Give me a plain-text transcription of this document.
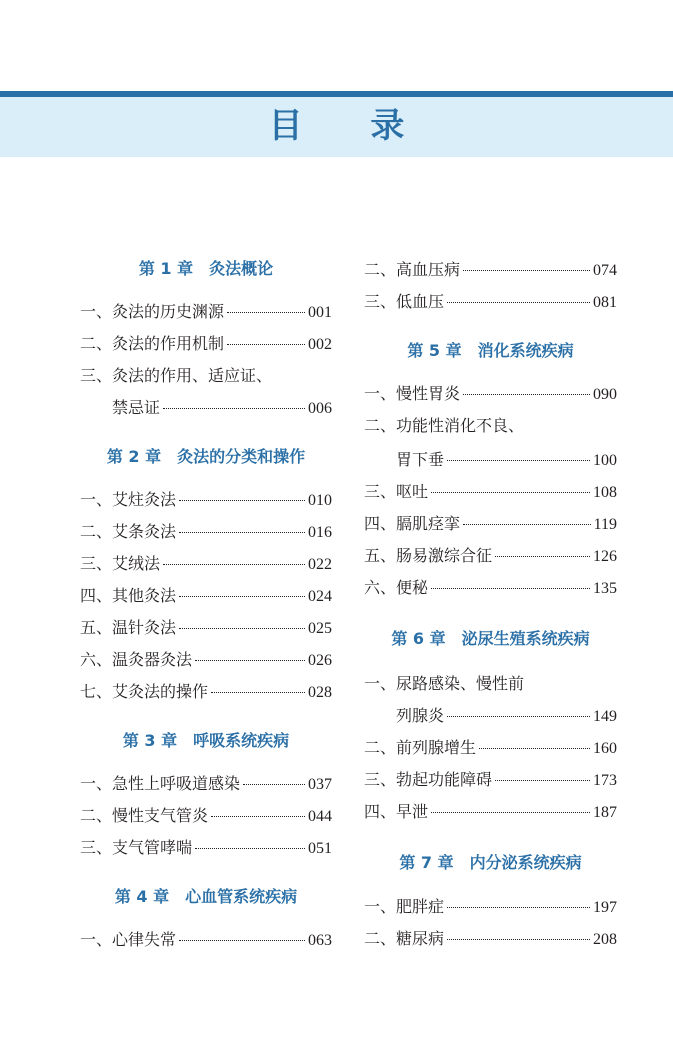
目 录
第 1 章　灸法概论
一、灸法的历史渊源	001
二、灸法的作用机制	002
三、灸法的作用、适应证、
禁忌证	006
第 2 章　灸法的分类和操作
一、艾炷灸法	010
二、艾条灸法	016
三、艾绒法	022
四、其他灸法	024
五、温针灸法	025
六、温灸器灸法	026
七、艾灸法的操作	028
第 3 章　呼吸系统疾病
一、急性上呼吸道感染	037
二、慢性支气管炎	044
三、支气管哮喘	051
第 4 章　心血管系统疾病
一、心律失常	063
二、高血压病	074
三、低血压	081
第 5 章　消化系统疾病
一、慢性胃炎	090
二、功能性消化不良、
胃下垂	100
三、呕吐	108
四、膈肌痉挛	119
五、肠易激综合征	126
六、便秘	135
第 6 章　泌尿生殖系统疾病
一、尿路感染、慢性前
列腺炎	149
二、前列腺增生	160
三、勃起功能障碍	173
四、早泄	187
第 7 章　内分泌系统疾病
一、肥胖症	197
二、糖尿病	208
